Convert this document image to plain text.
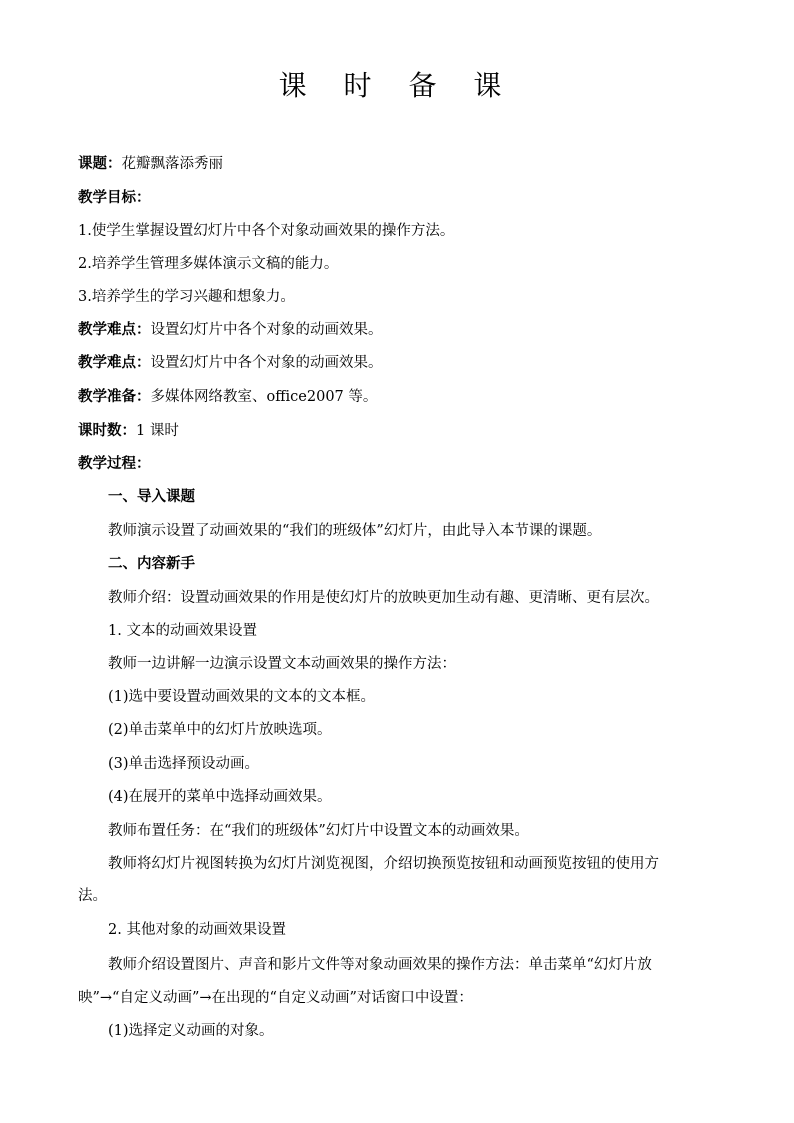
课 时 备 课
课题：花瓣飘落添秀丽
教学目标：
1.使学生掌握设置幻灯片中各个对象动画效果的操作方法。
2.培养学生管理多媒体演示文稿的能力。
3.培养学生的学习兴趣和想象力。
教学难点：设置幻灯片中各个对象的动画效果。
教学难点：设置幻灯片中各个对象的动画效果。
教学准备：多媒体网络教室、office2007 等。
课时数：1 课时
教学过程：
一、导入课题
教师演示设置了动画效果的“我们的班级体”幻灯片，由此导入本节课的课题。
二、内容新手
教师介绍：设置动画效果的作用是使幻灯片的放映更加生动有趣、更清晰、更有层次。
1. 文本的动画效果设置
教师一边讲解一边演示设置文本动画效果的操作方法：
(1)选中要设置动画效果的文本的文本框。
(2)单击菜单中的幻灯片放映选项。
(3)单击选择预设动画。
(4)在展开的菜单中选择动画效果。
教师布置任务：在“我们的班级体”幻灯片中设置文本的动画效果。
教师将幻灯片视图转换为幻灯片浏览视图，介绍切换预览按钮和动画预览按钮的使用方
法。
2. 其他对象的动画效果设置
教师介绍设置图片、声音和影片文件等对象动画效果的操作方法：单击菜单“幻灯片放
映”→“自定义动画”→在出现的“自定义动画”对话窗口中设置：
(1)选择定义动画的对象。
